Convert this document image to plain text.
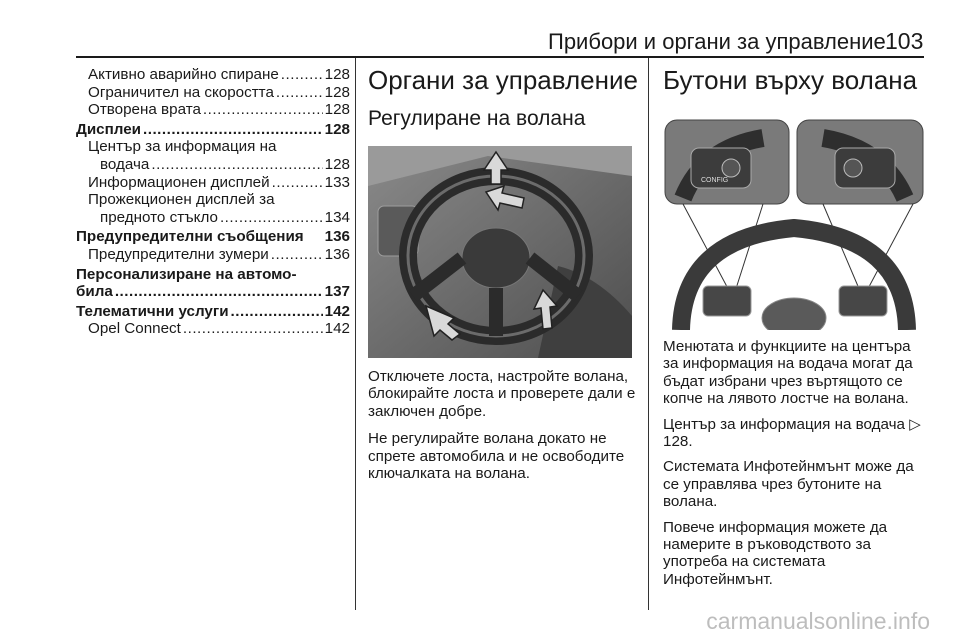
Прибори и органи за управление 103
Активно аварийно спиране .....	128
Ограничител на скоростта .....	128
Отворена врата .....	128
Дисплеи .....	128
Център за информация на
водача .....	128
Информационен дисплей .....	133
Прожекционен дисплей за
предното стъкло .....	134
Предупредителни съобщения 136
Предупредителни зумери .....	136
Персонализиране на автомо-
била .....	137
Телематични услуги .....	142
Opel Connect .....	142
Органи за управление
Регулиране на волана
Отключете лоста, настройте волана, блокирайте лоста и проверете дали е заключен добре.
Не регулирайте волана докато не спрете автомобила и не освободите ключалката на волана.
Бутони върху волана
CONFIG
Менютата и функциите на центъра за информация на водача могат да бъдат избрани чрез въртящото се копче на лявото лостче на волана.
Център за информация на водача ▷ 128.
Системата Инфотейнмънт може да се управлява чрез бутоните на волана.
Повече информация можете да намерите в ръководството за употреба на системата Инфотейнмънт.
carmanualsonline.info
